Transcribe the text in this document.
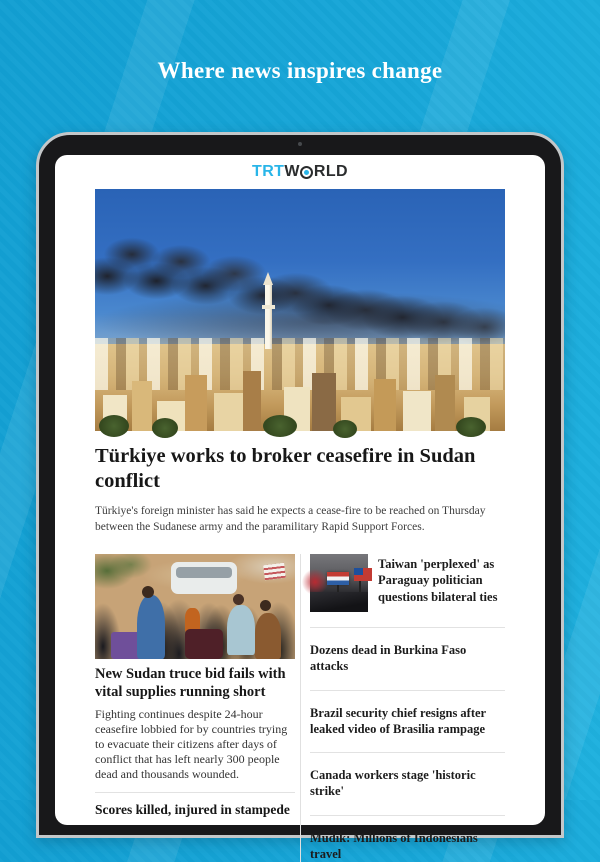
Where news inspires change
TRT W RLD
Türkiye works to broker ceasefire in Sudan conflict

Türkiye's foreign minister has said he expects a cease-fire to be reached on Thursday between the Sudanese army and the paramilitary Rapid Support Forces.

New Sudan truce bid fails with vital supplies running short

Fighting continues despite 24-hour ceasefire lobbied for by countries trying to evacuate their citizens after days of conflict that has left nearly 300 people dead and thousands wounded.

Scores killed, injured in stampede

Taiwan 'perplexed' as Paraguay politician questions bilateral ties

Dozens dead in Burkina Faso attacks

Brazil security chief resigns after leaked video of Brasilia rampage

Canada workers stage 'historic strike'

Mudik: Millions of Indonesians travel
